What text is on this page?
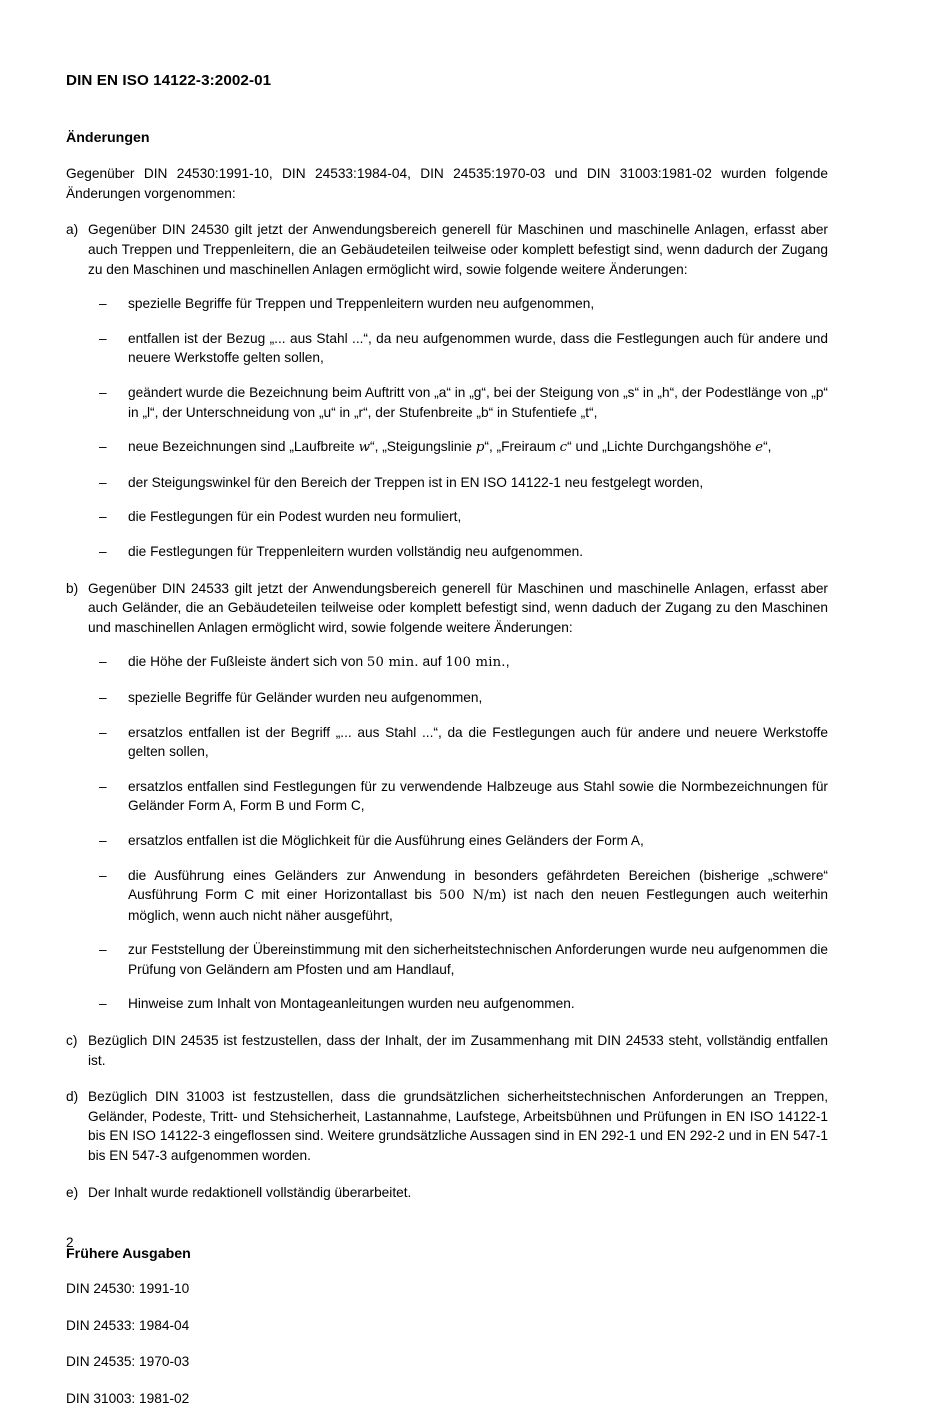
DIN EN ISO 14122-3:2002-01
Änderungen

Gegenüber DIN 24530:1991-10, DIN 24533:1984-04, DIN 24535:1970-03 und DIN 31003:1981-02 wurden folgende Änderungen vorgenommen:

a) Gegenüber DIN 24530 gilt jetzt der Anwendungsbereich generell für Maschinen und maschinelle Anlagen, erfasst aber auch Treppen und Treppenleitern, die an Gebäudeteilen teilweise oder komplett befestigt sind, wenn dadurch der Zugang zu den Maschinen und maschinellen Anlagen ermöglicht wird, sowie folgende weitere Änderungen:
–	spezielle Begriffe für Treppen und Treppenleitern wurden neu aufgenommen,
–	entfallen ist der Bezug „... aus Stahl ...“, da neu aufgenommen wurde, dass die Festlegungen auch für andere und neuere Werkstoffe gelten sollen,
–	geändert wurde die Bezeichnung beim Auftritt von „a“ in „g“, bei der Steigung von „s“ in „h“, der Podestlänge von „p“ in „l“, der Unterschneidung von „u“ in „r“, der Stufenbreite „b“ in Stufentiefe „t“,
–	neue Bezeichnungen sind „Laufbreite w“, „Steigungslinie p“, „Freiraum c“ und „Lichte Durchgangshöhe e“,
–	der Steigungswinkel für den Bereich der Treppen ist in EN ISO 14122-1 neu festgelegt worden,
–	die Festlegungen für ein Podest wurden neu formuliert,
–	die Festlegungen für Treppenleitern wurden vollständig neu aufgenommen.
b) Gegenüber DIN 24533 gilt jetzt der Anwendungsbereich generell für Maschinen und maschinelle Anlagen, erfasst aber auch Geländer, die an Gebäudeteilen teilweise oder komplett befestigt sind, wenn daduch der Zugang zu den Maschinen und maschinellen Anlagen ermöglicht wird, sowie folgende weitere Änderungen:
–	die Höhe der Fußleiste ändert sich von 50 min. auf 100 min.,
–	spezielle Begriffe für Geländer wurden neu aufgenommen,
–	ersatzlos entfallen ist der Begriff „... aus Stahl ...“, da die Festlegungen auch für andere und neuere Werkstoffe gelten sollen,
–	ersatzlos entfallen sind Festlegungen für zu verwendende Halbzeuge aus Stahl sowie die Normbezeichnungen für Geländer Form A, Form B und Form C,
–	ersatzlos entfallen ist die Möglichkeit für die Ausführung eines Geländers der Form A,
–	die Ausführung eines Geländers zur Anwendung in besonders gefährdeten Bereichen (bisherige „schwere“ Ausführung Form C mit einer Horizontallast bis 500 N/m) ist nach den neuen Festlegungen auch weiterhin möglich, wenn auch nicht näher ausgeführt,
–	zur Feststellung der Übereinstimmung mit den sicherheitstechnischen Anforderungen wurde neu aufgenommen die Prüfung von Geländern am Pfosten und am Handlauf,
–	Hinweise zum Inhalt von Montageanleitungen wurden neu aufgenommen.
c) Bezüglich DIN 24535 ist festzustellen, dass der Inhalt, der im Zusammenhang mit DIN 24533 steht, vollständig entfallen ist.
d) Bezüglich DIN 31003 ist festzustellen, dass die grundsätzlichen sicherheitstechnischen Anforderungen an Treppen, Geländer, Podeste, Tritt- und Stehsicherheit, Lastannahme, Laufstege, Arbeitsbühnen und Prüfungen in EN ISO 14122-1 bis EN ISO 14122-3 eingeflossen sind. Weitere grundsätzliche Aussagen sind in EN 292-1 und EN 292-2 und in EN 547-1 bis EN 547-3 aufgenommen worden.
e) Der Inhalt wurde redaktionell vollständig überarbeitet.
Frühere Ausgaben
DIN 24530: 1991-10
DIN 24533: 1984-04
DIN 24535: 1970-03
DIN 31003: 1981-02
2
